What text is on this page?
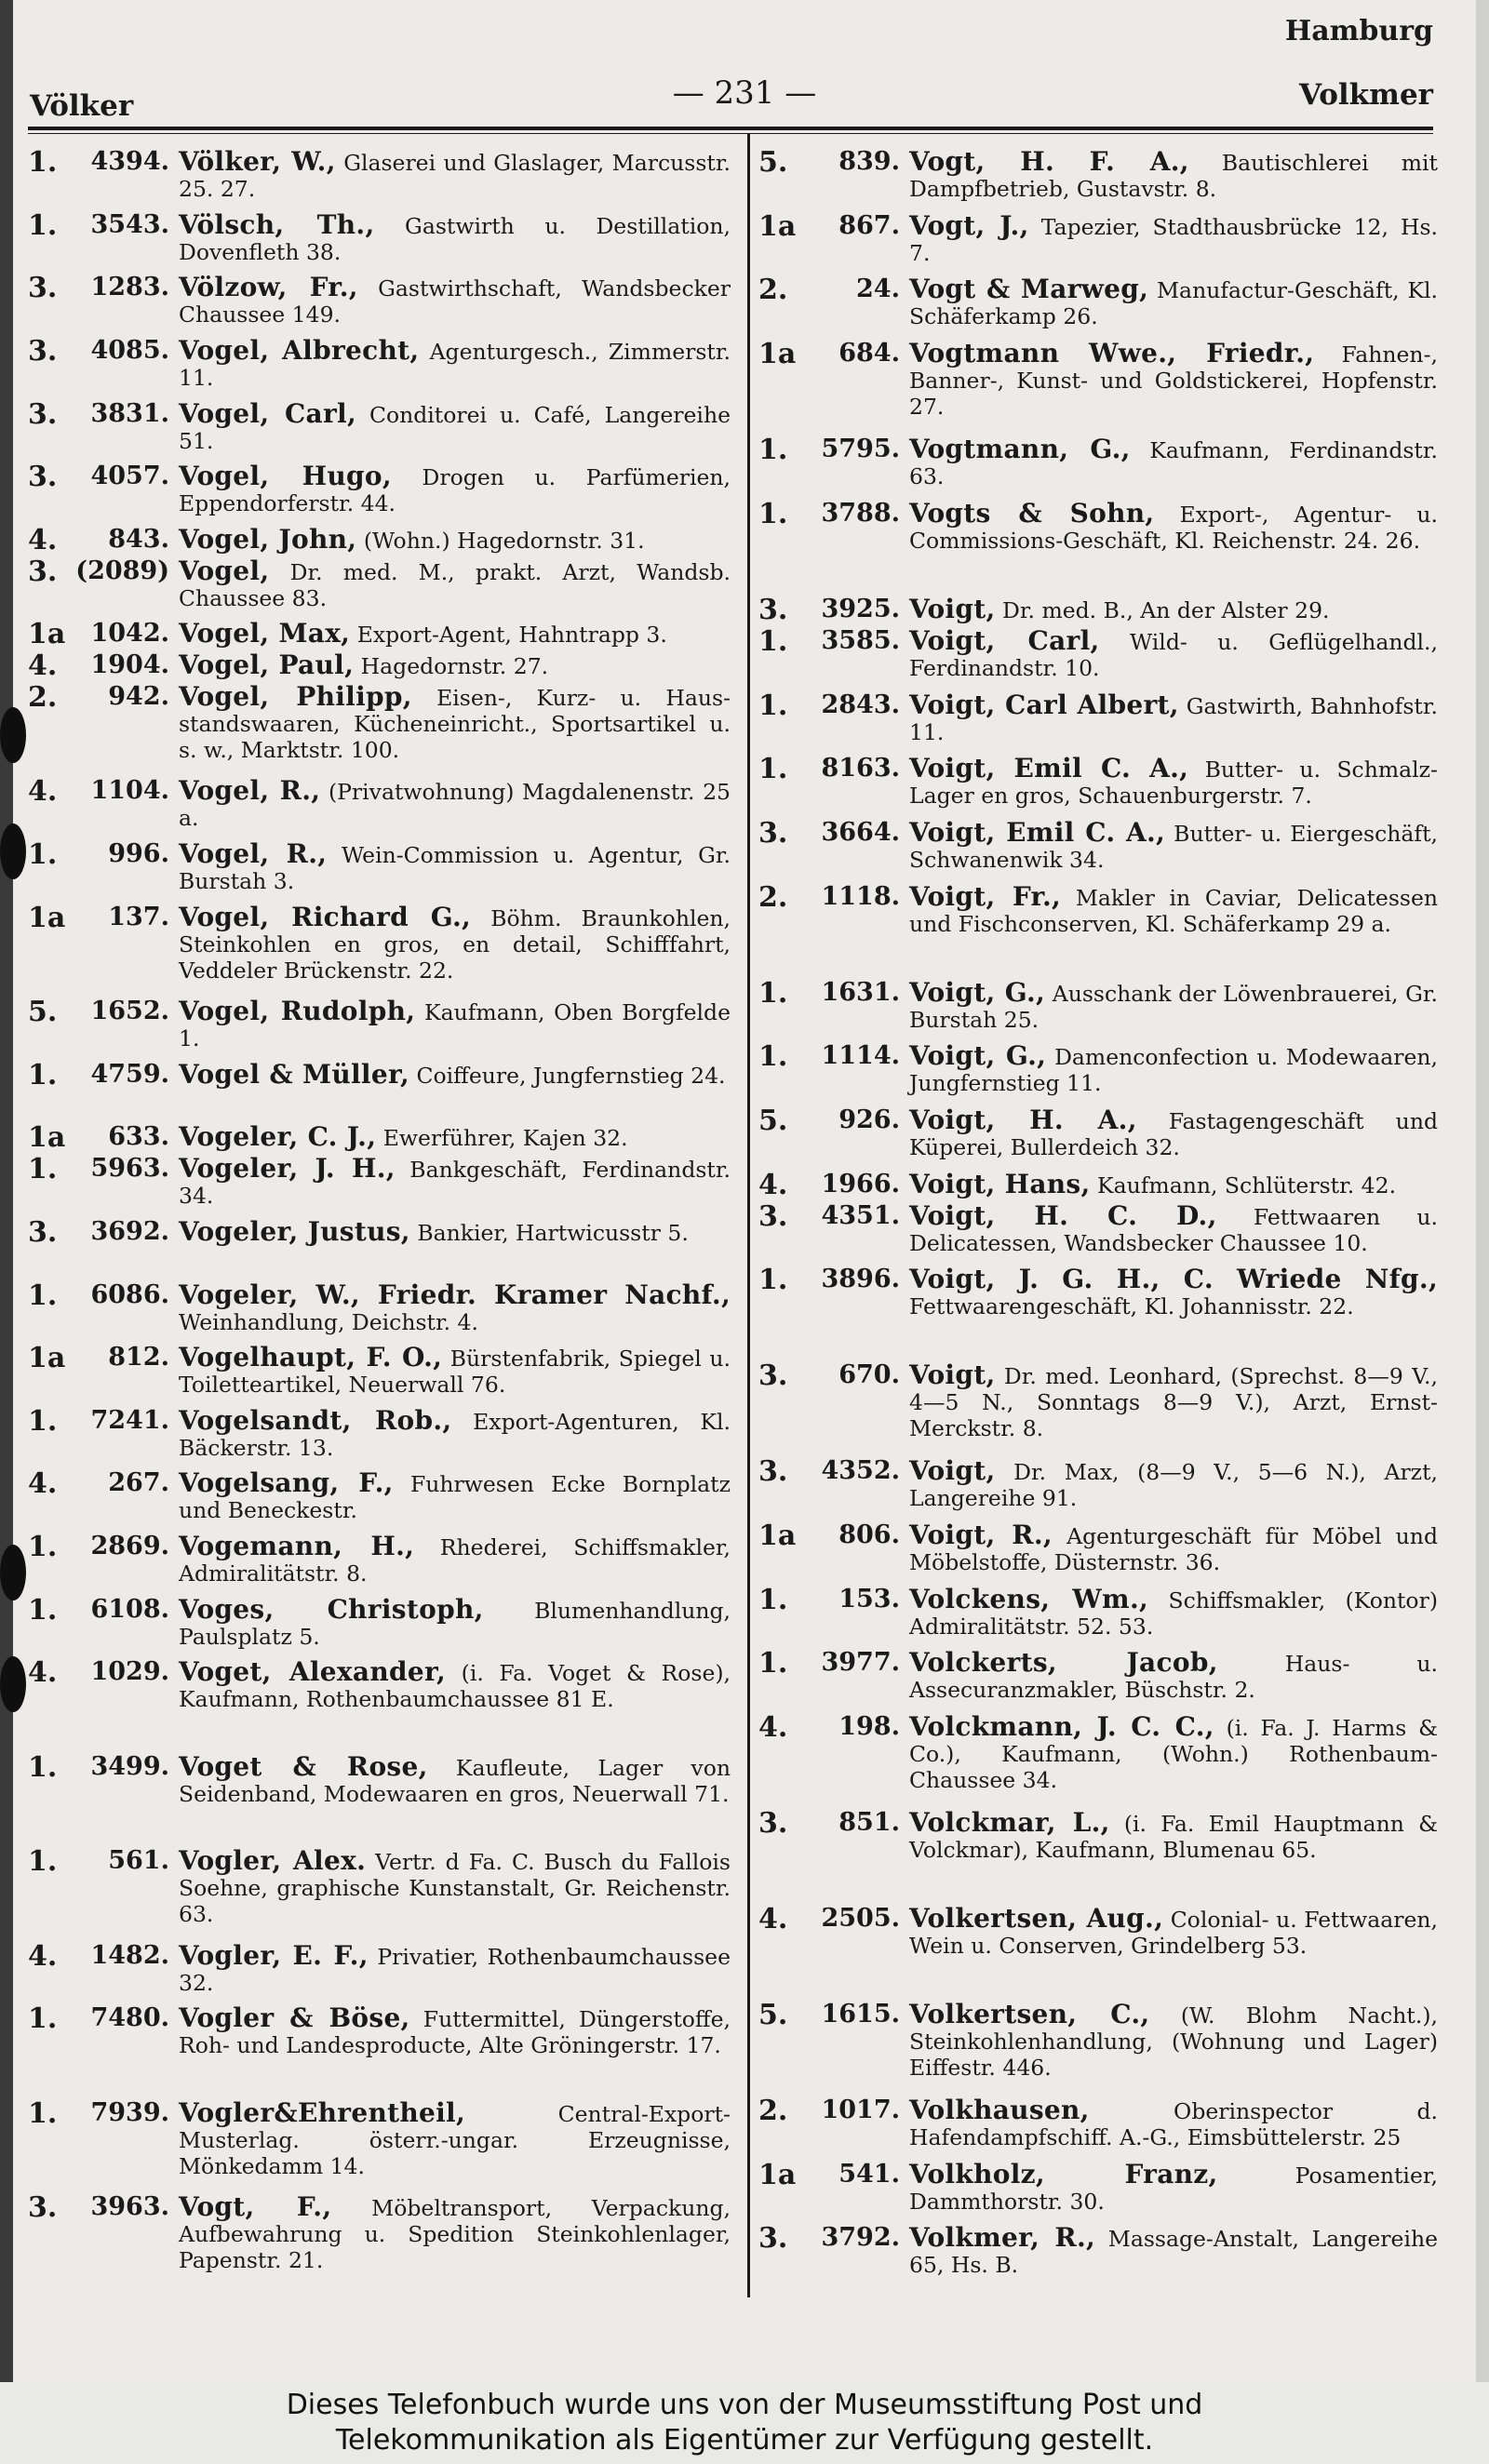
Hamburg
Völker	— 231 —	Volkmer
1.	4394. Völker, W., Glaserei und Glaslager, Marcusstr. 25. 27.
1.	3543. Völsch, Th., Gastwirth u. Destillation, Dovenfleth 38.
3.	1283. Völzow, Fr., Gastwirthschaft, Wandsbecker Chaussee 149.
3.	4085. Vogel, Albrecht, Agenturgesch., Zimmerstr. 11.
3.	3831. Vogel, Carl, Conditorei u. Café, Langereihe 51.
3.	4057. Vogel, Hugo, Drogen u. Parfümerien, Eppendorferstr. 44.
4.	843. Vogel, John, (Wohn.) Hagedornstr. 31.
3. (2089) Vogel, Dr. med. M., prakt. Arzt, Wandsb. Chaussee 83.
1a	1042. Vogel, Max, Export-Agent, Hahntrapp 3.
4.	1904. Vogel, Paul, Hagedornstr. 27.
2.	942. Vogel, Philipp, Eisen-, Kurz- u. Hausstandswaaren, Kücheneinricht., Sportsartikel u. s. w., Marktstr. 100.
4.	1104. Vogel, R., (Privatwohnung) Magdalenenstr. 25 a.
1.	996. Vogel, R., Wein-Commission u. Agentur, Gr. Burstah 3.
1a	137. Vogel, Richard G., Böhm. Braunkohlen, Steinkohlen en gros, en detail, Schifffahrt, Veddeler Brückenstr. 22.
5.	1652. Vogel, Rudolph, Kaufmann, Oben Borgfelde 1.
1.	4759. Vogel & Müller, Coiffeure, Jungfernstieg 24.
1a	633. Vogeler, C. J., Ewerführer, Kajen 32.
1.	5963. Vogeler, J. H., Bankgeschäft, Ferdinandstr. 34.
3.	3692. Vogeler, Justus, Bankier, Hartwicusstr 5.
1.	6086. Vogeler, W., Friedr. Kramer Nachf., Weinhandlung, Deichstr. 4.
1a	812. Vogelhaupt, F. O., Bürstenfabrik, Spiegel u. Toiletteartikel, Neuerwall 76.
1.	7241. Vogelsandt, Rob., Export-Agenturen, Kl. Bäckerstr. 13.
4.	267. Vogelsang, F., Fuhrwesen Ecke Bornplatz und Beneckestr.
1.	2869. Vogemann, H., Rhederei, Schiffsmakler, Admiralitätstr. 8.
1.	6108. Voges, Christoph, Blumenhandlung, Paulsplatz 5.
4.	1029. Voget, Alexander, (i. Fa. Voget & Rose), Kaufmann, Rothenbaumchaussee 81 E.
1.	3499. Voget & Rose, Kaufleute, Lager von Seidenband, Modewaaren en gros, Neuerwall 71.
1.	561. Vogler, Alex. Vertr. d Fa. C. Busch du Fallois Soehne, graphische Kunstanstalt, Gr. Reichenstr. 63.
4.	1482. Vogler, E. F., Privatier, Rothenbaumchaussee 32.
1.	7480. Vogler & Böse, Futtermittel, Düngerstoffe, Roh- und Landesproducte, Alte Gröningerstr. 17.
1.	7939. Vogler&Ehrentheil,	Central-Export-Musterlag. österr.-ungar. Erzeugnisse, Mönkedamm 14.
3.	3963. Vogt, F., Möbeltransport, Verpackung, Aufbewahrung u. Spedition Steinkohlenlager, Papenstr. 21.
5.	839. Vogt, H. F. A., Bautischlerei mit Dampfbetrieb, Gustavstr. 8.
1a	867. Vogt, J., Tapezier, Stadthausbrücke 12, Hs. 7.
2.	24. Vogt & Marweg, Manufactur-Geschäft, Kl. Schäferkamp 26.
1a	684. Vogtmann Wwe., Friedr., Fahnen-, Banner-, Kunst- und Goldstickerei, Hopfenstr. 27.
1.	5795. Vogtmann, G., Kaufmann, Ferdinandstr. 63.
1.	3788. Vogts & Sohn, Export-, Agentur- u. Commissions-Geschäft, Kl. Reichenstr. 24. 26.
3.	3925. Voigt, Dr. med. B., An der Alster 29.
1.	3585. Voigt, Carl, Wild- u. Geflügelhandl., Ferdinandstr. 10.
1.	2843. Voigt, Carl Albert, Gastwirth, Bahnhofstr. 11.
1.	8163. Voigt, Emil C. A., Butter- u. Schmalz-Lager en gros, Schauenburgerstr. 7.
3.	3664. Voigt, Emil C. A., Butter- u. Eiergeschäft, Schwanenwik 34.
2.	1118. Voigt, Fr., Makler in Caviar, Delicatessen und Fischconserven, Kl. Schäferkamp 29 a.
1.	1631. Voigt, G., Ausschank der Löwenbrauerei, Gr. Burstah 25.
1.	1114. Voigt, G., Damenconfection u. Modewaaren, Jungfernstieg 11.
5.	926. Voigt, H. A., Fastagengeschäft und Küperei, Bullerdeich 32.
4.	1966. Voigt, Hans, Kaufmann, Schlüterstr. 42.
3.	4351. Voigt, H. C. D., Fettwaaren u. Delicatessen, Wandsbecker Chaussee 10.
1.	3896. Voigt, J. G. H., C. Wriede Nfg., Fettwaarengeschäft, Kl. Johannisstr. 22.
3.	670. Voigt, Dr. med. Leonhard, (Sprechst. 8—9 V., 4—5 N., Sonntags 8—9 V.), Arzt, Ernst-Merckstr. 8.
3.	4352. Voigt, Dr. Max, (8—9 V., 5—6 N.), Arzt, Langereihe 91.
1a	806. Voigt, R., Agenturgeschäft für Möbel und Möbelstoffe, Düsternstr. 36.
1.	153. Volckens, Wm., Schiffsmakler, (Kontor) Admiralitätstr. 52. 53.
1.	3977. Volckerts, Jacob,	Haus- u. Assecuranzmakler, Büschstr. 2.
4.	198. Volckmann, J. C. C., (i. Fa. J. Harms & Co.), Kaufmann, (Wohn.) Rothenbaum-Chaussee 34.
3.	851. Volckmar, L., (i. Fa. Emil Hauptmann & Volckmar), Kaufmann, Blumenau 65.
4.	2505. Volkertsen, Aug., Colonial- u. Fettwaaren, Wein u. Conserven, Grindelberg 53.
5.	1615. Volkertsen, C., (W. Blohm Nacht.), Steinkohlenhandlung, (Wohnung und Lager) Eiffestr. 446.
2.	1017. Volkhausen,	Oberinspector d. Hafendampfschiff. A.-G., Eimsbüttelerstr. 25
1a	541. Volkholz, Franz,	Posamentier, Dammthorstr. 30.
3.	3792. Volkmer, R., Massage-Anstalt, Langereihe 65, Hs. B.
Dieses Telefonbuch wurde uns von der Museumsstiftung Post und
Telekommunikation als Eigentümer zur Verfügung gestellt.
